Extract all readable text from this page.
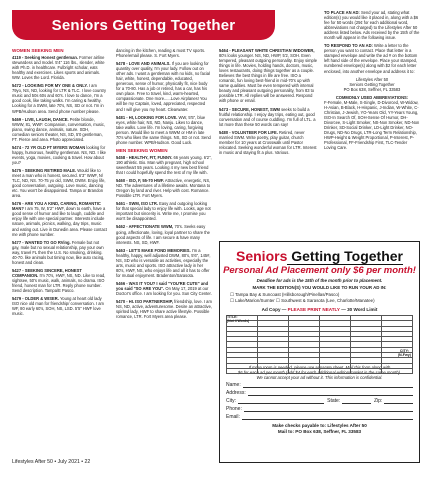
Seniors Getting Together
WOMEN SEEKING MEN

4119 - Seeking Honest gentleman. Former airline stewardess and model. 5'4" 116 lbs., slender, white with Ph.D. in healthcare. Fulbright scholar, eats healthy and exercises. Likes sports and animals. WW. Loves the Lord. Florida.

5472 - LOOKING FOR MY ONE & ONLY. I am 79yo, NS, ND, looking for LTR & TLC. I love country music and 50s 60s and 60's. I love to dance, I'm a good cook, like taking walks. I'm caring & healthy. Looking for a SWM, late 70's, NS, SD or not. I'm in WPB/Hudson area. Send phone number please.

5469 - LIVE, LAUGH, DANCE. Petite blonde, WWW, 81, WWF. Companion, conversation, music, piano, swing dance, animals, nature. SDH, comedian seniors theater, NS, SD, 5'0 gentleman, FT. Pierce and area. Photo appreciated.

5474 - 72 YR OLD FT MYERS WOMAN looking for happy, humorous, healthy gentleman. NS, ND. I like events, yoga, movies, cooking & travel. How about you?

5475 - SEEKING RETIRED MALE. Would like to meet a man who is honest, secured. 6'3" WWF, N/ TLC, ND, NS. 70-75 yo old, SWM, DWM. Enjoy life, good conversation, outgoing. Love music, dancing etc. You won't be disappointed. Tampa or Brandon area.

5476 - ARE YOU A KIND, CARING, ROMANTIC MAN? I am 75, W, 5'2" HWF, down to earth, have a good sense of humor and like to laugh, cuddle and enjoy life with one special partner. Interests include nature, animals, picnics, walking, day trips, music and eating out. Live in Dunedin area. Please contact me with phone number.

5477 - WANTED TO GO RVing. Female but not gay, male but no sexual relationship, pay your own way, travel FL then the U.S. No smoking, drinking. 40-70. like animals but timing now, like auto racing, honest and clean.

5427 - SEEKING SINCERE, HONEST COMPANION. I'm 70's, HWF, NS, ND. Like to read, sightsee, 50's music, walk, animals, no drama. ISO friend, honest man for LTR. Reply phone number. Send description. Tampa/E Pasco.

5479 - OLDER & WISER. Young at heart old lady ISO nice old man for friendship/ conversation. I am WF, 80 early 60's, SOH, NS, LSD. 5'5" HWF love music.

dancing in the kitchen, reading & most TV sports. Phone/email please. S. Fort Myers.

5478 - LOVE AND ANIMALS. If you are looking for quantity over quality, I'm your lady. Follow out on other ads. I want a gentleman with no kids, no facial hair, white, honest, dependable, educated, generous, sense of humor, physically fit, nice body for a 70-80. Has a job or retired, has a car, has his own place. Free to travel, kind, warm-hearted, compassionate. One more......Love Airplanes! You will be my Captain, loved, appreciated, respected and I will give you my heart. Clearwater.

5481 - HI, LOOKING FOR LOVE. WW, 5'5", blue eyes, white hair, NS, ND, Nanju. Likes to dance, take walks. Love life. I'm loving, caring, forgiving person. Would like to meet a WWM or HM in late 70's who likes the same things. NS, SD or not. Send phone number. WPB/Hudson. Good Luck.

MEN SEEKING WOMEN

5458 - HEALTHY, FIT, FUNNY. 66 years young. 6'2", 190 athletic. Bio. Man with pregnant, high school sweetheart 55 years. Looking 4 my new best friend that I could hopefully spend the rest of my life with.

5460 - ISO, F, 55-70 HWF. Attractive, energetic, NS, ND. The adventures of a lifetime awaits. Montana to Oregon by land and river. Help with cost. Romance. Possible LTR. Fort Myers.

5461 - SWM, ISO LTR. Easy and outgoing looking for that special lady to enjoy life with. Looks, age not important but sincerity is. Write me, I promise you won't be disappointed.

5462 - AFFECTIONATE WWM, 70's. Seeks easy going, affectionate, loving, loyal partner to share the good aspects of life. I am secure & have many interests. NS, SD, HWF.

5463 - LET'S MAKE FOND MEMORIES. I'm a healthy, happy, well adjusted DWM, 80's, 5'6", 145#, NS, SD who is versatile as activities, especially the arts, music and sports. ISO attractive lady in her 80's, HWF, NS, who enjoys life and all it has to offer for mutual enjoyment. Bradenton/Sarasota.

5466 - WAS IT YOU? I said "YOU'RE CUTE" and you said "SO ARE YOU". On May 17, 2019 at our Doctor's office. I am looking for you. Sun City Center.

5470 - HI. ISO PARTNERSHIP, friendship, love. I am NS, ND, active, adventuresome. Desire an attractive, spirited lady, HWF to share active lifestyle. Possible romance, LTR. Fort Myers area please.

5464 - PLEASANT WHITE CHRISTIAN WIDOWER, 80's looks younger. NS, ND, HWP, 5'2, SOH. Even tempered, pleasant outgoing personality. Enjoy simple things in life. Movies, holding hands, doctors, music, loves restaurants, doing things together as a couple. Believes the best things in life are free. ISO a romantic, fun loving best-friend in mid-70's up with same qualities. Must be even tempered with internal beauty and pleasant outgoing personality, from 83 to possible LTR. All replies will be answered. Respond with phone or email.

5473 - SECURE, HONEST, SWM seeks to build a fruitful relationship. I enjoy day trips, eating out, good conversation and of course cuddling. I'm full of LTL. a lot more than these 50 words can say!

5480 - VOLUNTEER FOR LIFE. Retired, never married SWM. Write poetry, play guitar, church member for 10 years at Crosswalk until Pastor relocated. Seeking wonderful woman for LTR. Interest in music and staying fit a plus. Various.

TO PLACE AN AD: Send your ad, stating what edition(s) you would like it placed in, along with a $6 fee for 50 words (25¢ for each additional word, abbreviations not charged) to the Lifestyles After 50 address listed below. Ads received by the 15th of the month will appear in the following issue.

TO RESPOND TO AN AD: Write a letter to the person you want to contact. Place that letter in a stamped envelope and write the ad # on the bottom left hand side of the envelope. Place your stamped, numbered envelope(s) along with $2 for each letter enclosed, into another envelope and address it to:

Lifestyles After 50
Seniors Getting Together
PO Box 638, Seffner, FL 33583
COMMONLY USED ABBREVIATIONS:

F-Female, M-Male, S-Single, D-Divorced, W-Widow, H-Asian, B-Black, H-Hispanic, J-Indian, W-White, C-Christian, J-Jewish, YO-Years Old, YY-Years Young, ISO-In Search Of, SOH-Sense Of Humor, DH-Divorcee, S-Light Smoker, NS-Non Smoker, ND-Non Drinker, SD-Social Drinker, LD-Light Drinker, NO-Drugs, ND-No Drugs, LTR-Long Term Relationship, HWP-Height & Weight Proportional, P-Interest, P-Professional, FF-Friendship First, TLC-Tender Loving Care.

Seniors Getting Together
Personal Ad Placement only $6 per month!
Deadline for ads is the 15th of the month prior to placement.
MARK THE EDITION(S) YOU WOULD LIKE TO RUN YOUR AD IN:
☐ Tampa Bay & Suncoast (Hillsborough/Pinellas/Pasco)
☐ Lake/Marion/Sumter ☐ Southwest & Sarasota (Lee, Charlotte/Manatee)
Ad Copy — PLEASE PRINT NEATLY — 30 Word Limit

TITLE:
(Not 4 Words)
CITY:
(N-Fwy)
If more room is needed, please use separate sheet. Mail this form along with
$6 for each ad per month (add $4 for each additional edition/market in the same month).
We cannot accept your ad without it. This information is confidential.
Name:
Address:
City:	State:	Zip:
Phone:
Email:
Make checks payable to: Lifestyles After 50
Mail to: PO Box 638, Seffner, FL 33583
Lifestyles After 50 • July 2021 • 22
